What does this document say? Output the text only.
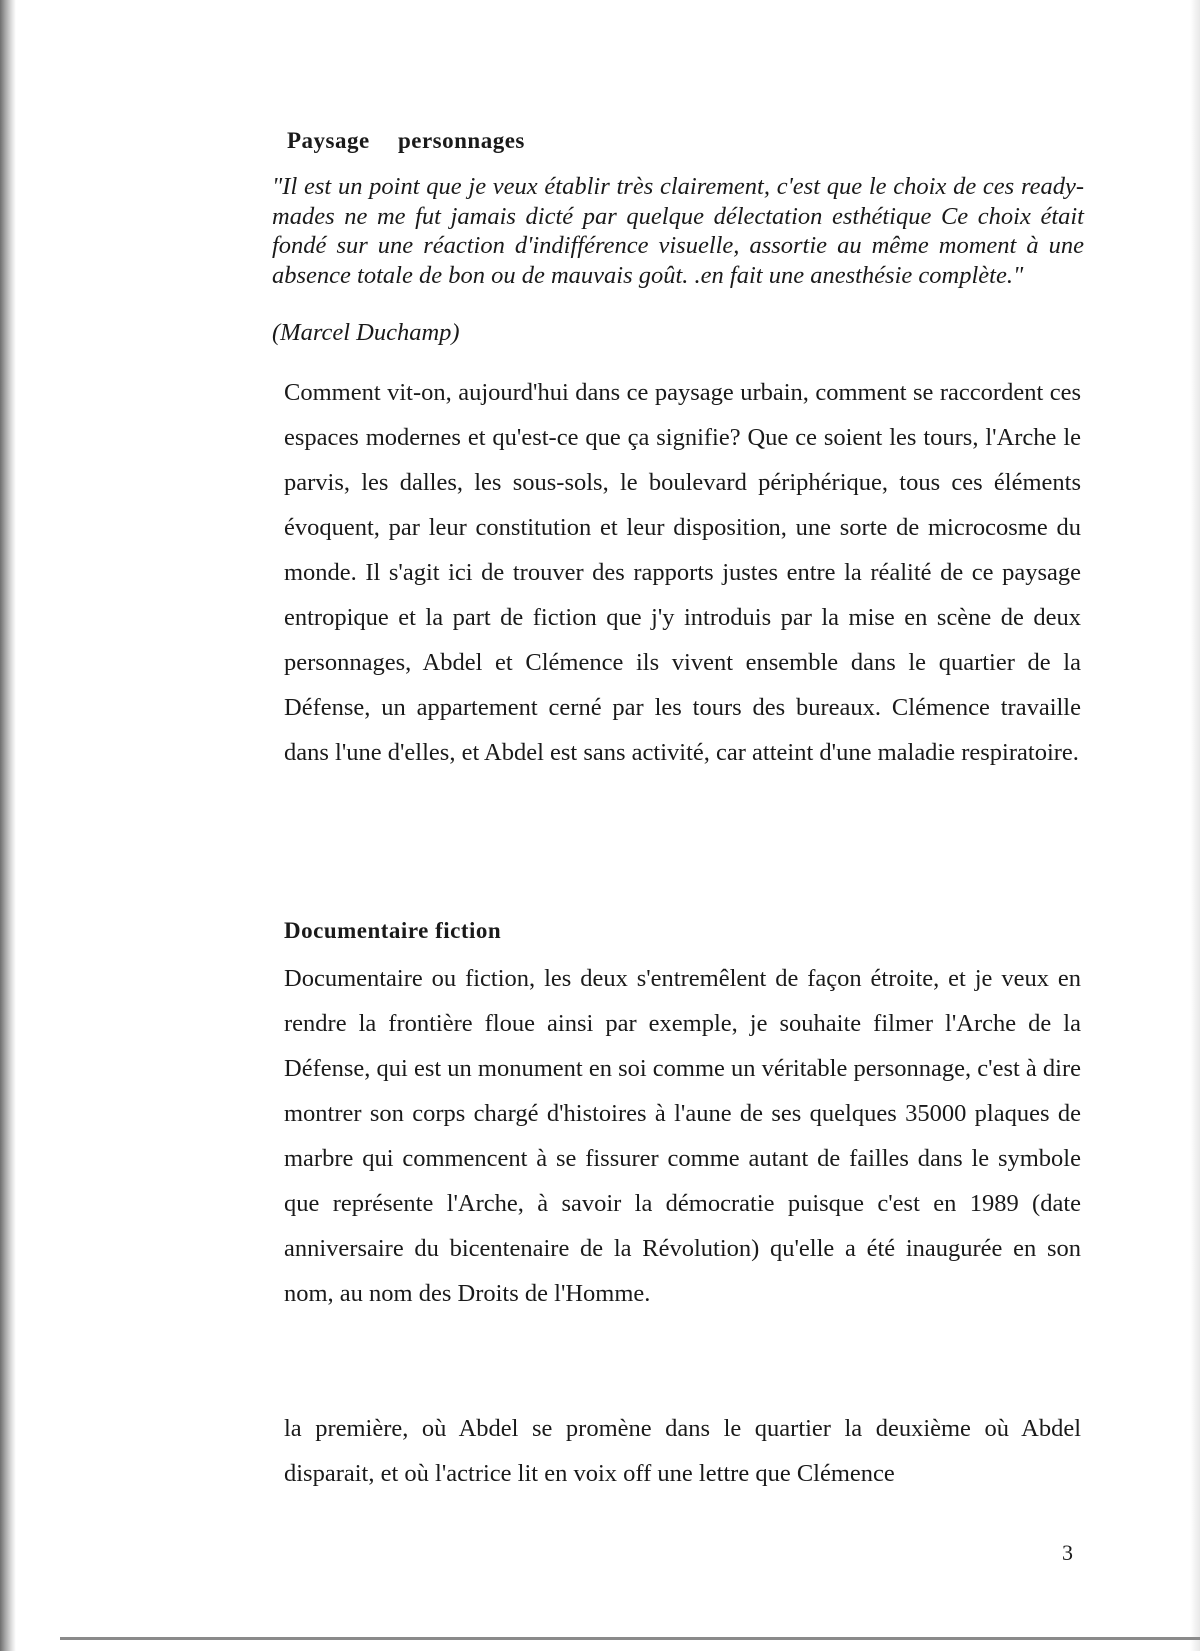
Paysage personnages

"Il est un point que je veux établir très clairement, c'est que le choix de ces ready-mades ne me fut jamais dicté par quelque délectation esthétique Ce choix était fondé sur une réaction d'indifférence visuelle, assortie au même moment à une absence totale de bon ou de mauvais goût. .en fait une anesthésie complète."

(Marcel Duchamp)

Comment vit-on, aujourd'hui dans ce paysage urbain, comment se raccordent ces espaces modernes et qu'est-ce que ça signifie? Que ce soient les tours, l'Arche le parvis, les dalles, les sous-sols, le boulevard périphérique, tous ces éléments évoquent, par leur constitution et leur disposition, une sorte de microcosme du monde. Il s'agit ici de trouver des rapports justes entre la réalité de ce paysage entropique et la part de fiction que j'y introduis par la mise en scène de deux personnages, Abdel et Clémence ils vivent ensemble dans le quartier de la Défense, un appartement cerné par les tours des bureaux. Clémence travaille dans l'une d'elles, et Abdel est sans activité, car atteint d'une maladie respiratoire.

Documentaire fiction

Documentaire ou fiction, les deux s'entremêlent de façon étroite, et je veux en rendre la frontière floue ainsi par exemple, je souhaite filmer l'Arche de la Défense, qui est un monument en soi comme un véritable personnage, c'est à dire montrer son corps chargé d'histoires à l'aune de ses quelques 35000 plaques de marbre qui commencent à se fissurer comme autant de failles dans le symbole que représente l'Arche, à savoir la démocratie puisque c'est en 1989 (date anniversaire du bicentenaire de la Révolution) qu'elle a été inaugurée en son nom, au nom des Droits de l'Homme.

la première, où Abdel se promène dans le quartier la deuxième où Abdel disparait, et où l'actrice lit en voix off une lettre que Clémence

3
